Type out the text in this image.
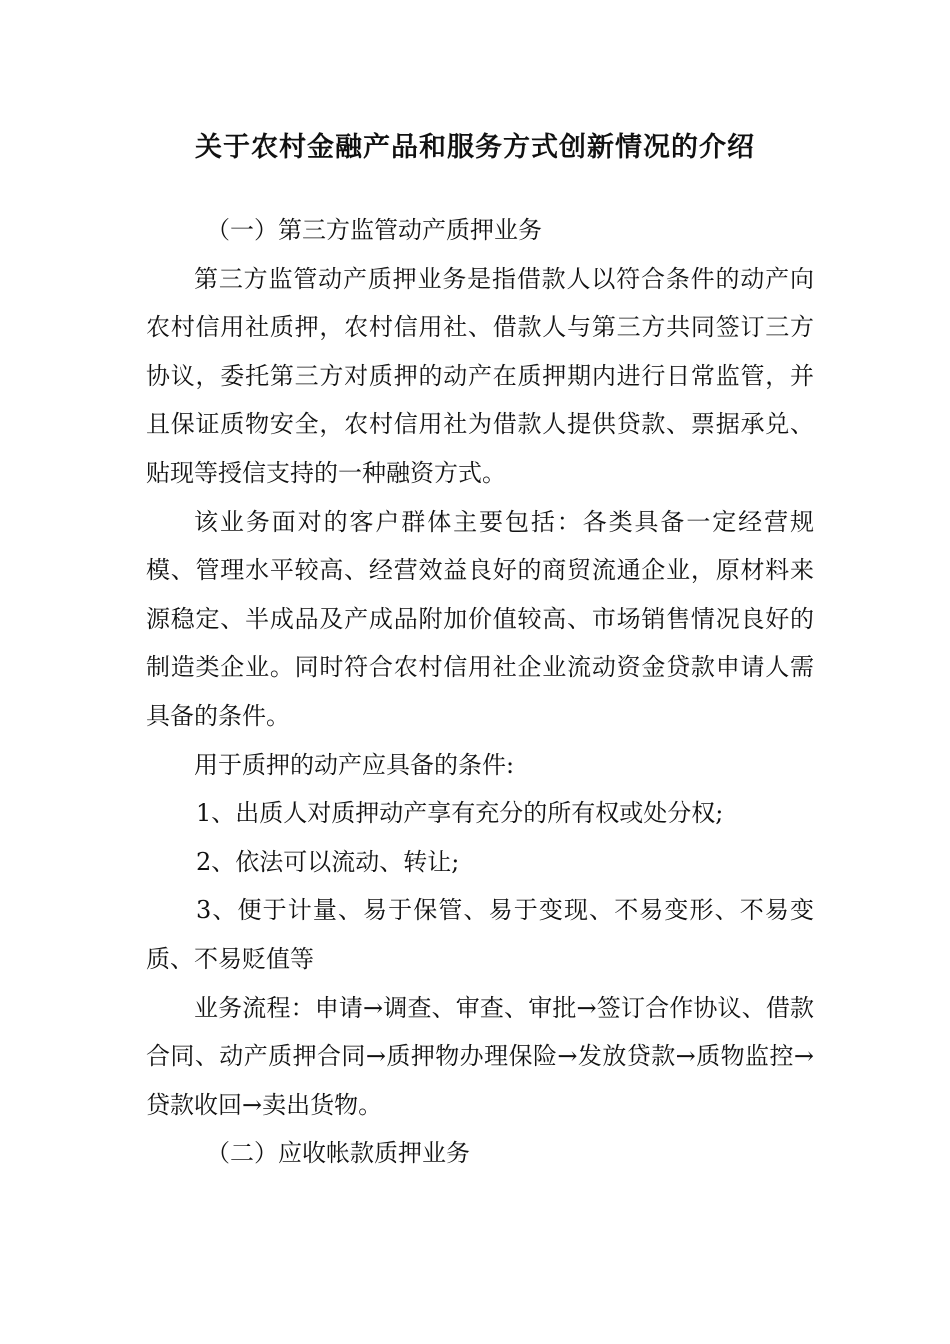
关于农村金融产品和服务方式创新情况的介绍

（一）第三方监管动产质押业务

第三方监管动产质押业务是指借款人以符合条件的动产向农村信用社质押，农村信用社、借款人与第三方共同签订三方协议，委托第三方对质押的动产在质押期内进行日常监管，并且保证质物安全，农村信用社为借款人提供贷款、票据承兑、贴现等授信支持的一种融资方式。

该业务面对的客户群体主要包括：各类具备一定经营规模、管理水平较高、经营效益良好的商贸流通企业，原材料来源稳定、半成品及产成品附加价值较高、市场销售情况良好的制造类企业。同时符合农村信用社企业流动资金贷款申请人需具备的条件。

用于质押的动产应具备的条件:

1、出质人对质押动产享有充分的所有权或处分权;

2、依法可以流动、转让;

3、便于计量、易于保管、易于变现、不易变形、不易变质、不易贬值等

业务流程：申请→调查、审查、审批→签订合作协议、借款合同、动产质押合同→质押物办理保险→发放贷款→质物监控→贷款收回→卖出货物。

（二）应收帐款质押业务
